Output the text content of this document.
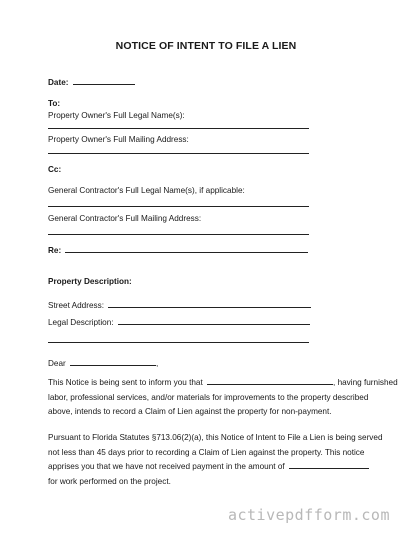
NOTICE OF INTENT TO FILE A LIEN
Date:
To:
Property Owner's Full Legal Name(s):
Property Owner's Full Mailing Address:
Cc:
General Contractor's Full Legal Name(s), if applicable:
General Contractor's Full Mailing Address:
Re:
Property Description:
Street Address:
Legal Description:
Dear	,
This Notice is being sent to inform you that	, having furnished
labor, professional services, and/or materials for improvements to the property described
above, intends to record a Claim of Lien against the property for non-payment.
Pursuant to Florida Statutes §713.06(2)(a), this Notice of Intent to File a Lien is being served
not less than 45 days prior to recording a Claim of Lien against the property. This notice
apprises you that we have not received payment in the amount of
for work performed on the project.
activepdfform.com
